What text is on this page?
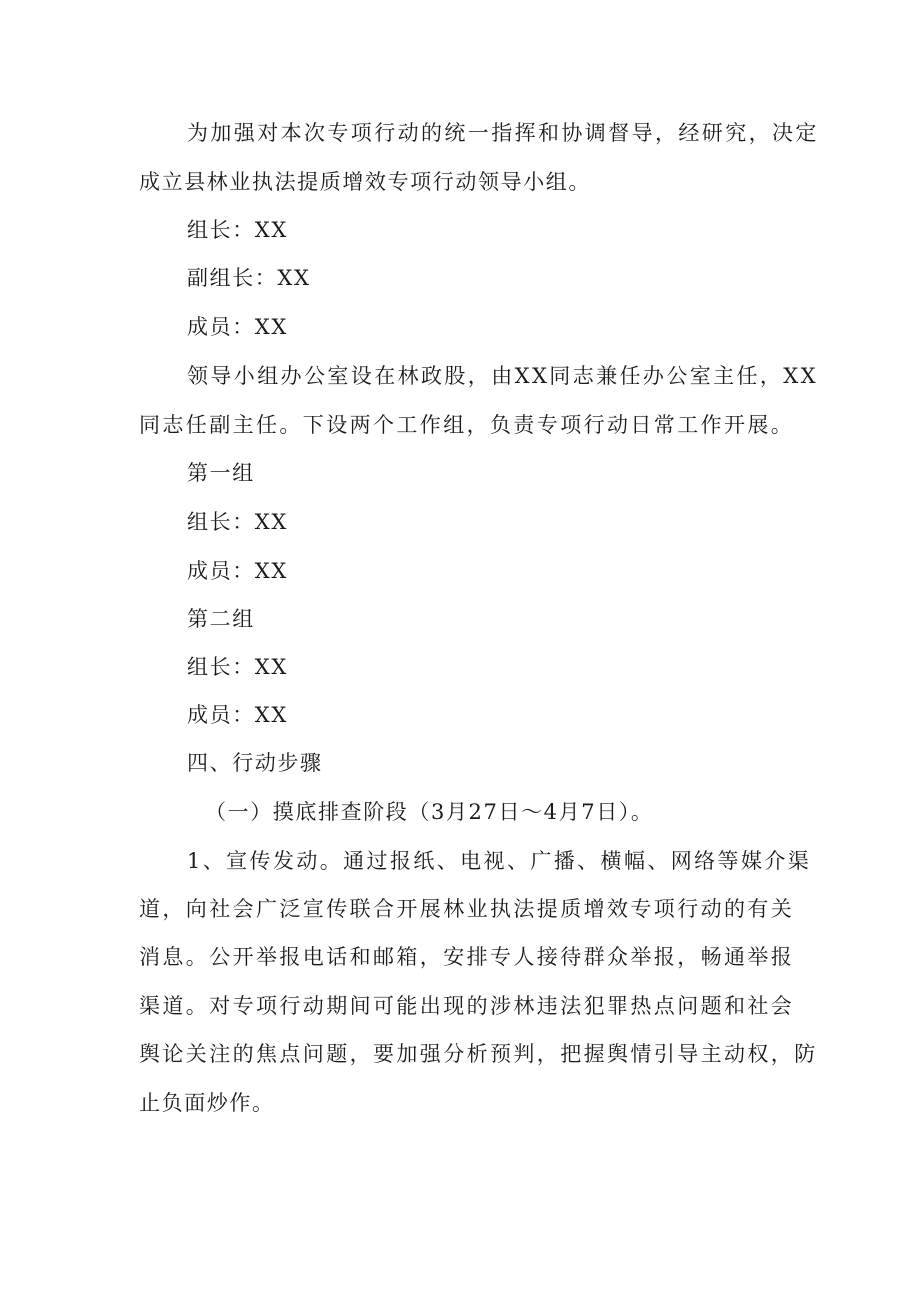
为加强对本次专项行动的统一指挥和协调督导，经研究，决定
成立县林业执法提质增效专项行动领导小组。
组长：XX
副组长：XX
成员：XX
领导小组办公室设在林政股，由XX同志兼任办公室主任，XX
同志任副主任。下设两个工作组，负责专项行动日常工作开展。
第一组
组长：XX
成员：XX
第二组
组长：XX
成员：XX
四、行动步骤
（一）摸底排查阶段（3月27日～4月7日）。
1、宣传发动。通过报纸、电视、广播、横幅、网络等媒介渠
道，向社会广泛宣传联合开展林业执法提质增效专项行动的有关
消息。公开举报电话和邮箱，安排专人接待群众举报，畅通举报
渠道。对专项行动期间可能出现的涉林违法犯罪热点问题和社会
舆论关注的焦点问题，要加强分析预判，把握舆情引导主动权，防
止负面炒作。
